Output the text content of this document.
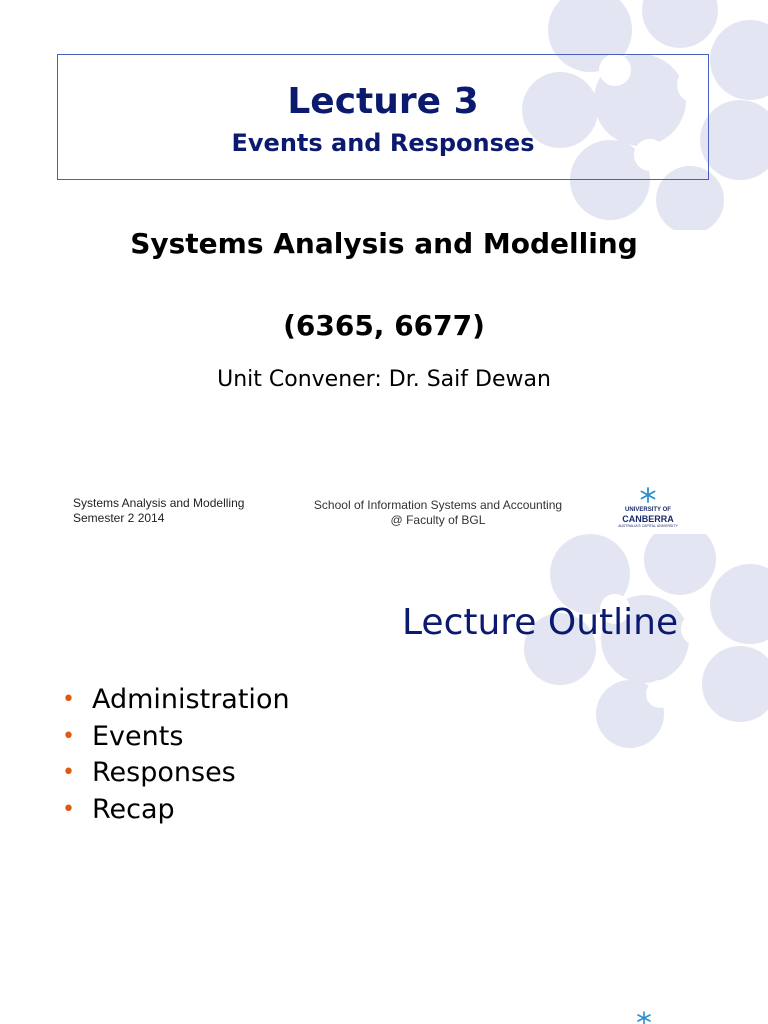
Lecture 3
Events and Responses
Systems Analysis and Modelling
(6365, 6677)
Unit Convener: Dr. Saif Dewan
Systems Analysis and Modelling
Semester 2 2014
School of Information Systems and Accounting
@ Faculty of BGL
UNIVERSITY OF
CANBERRA
AUSTRALIA'S CAPITAL UNIVERSITY
Lecture Outline
• Administration
• Events
• Responses
• Recap
